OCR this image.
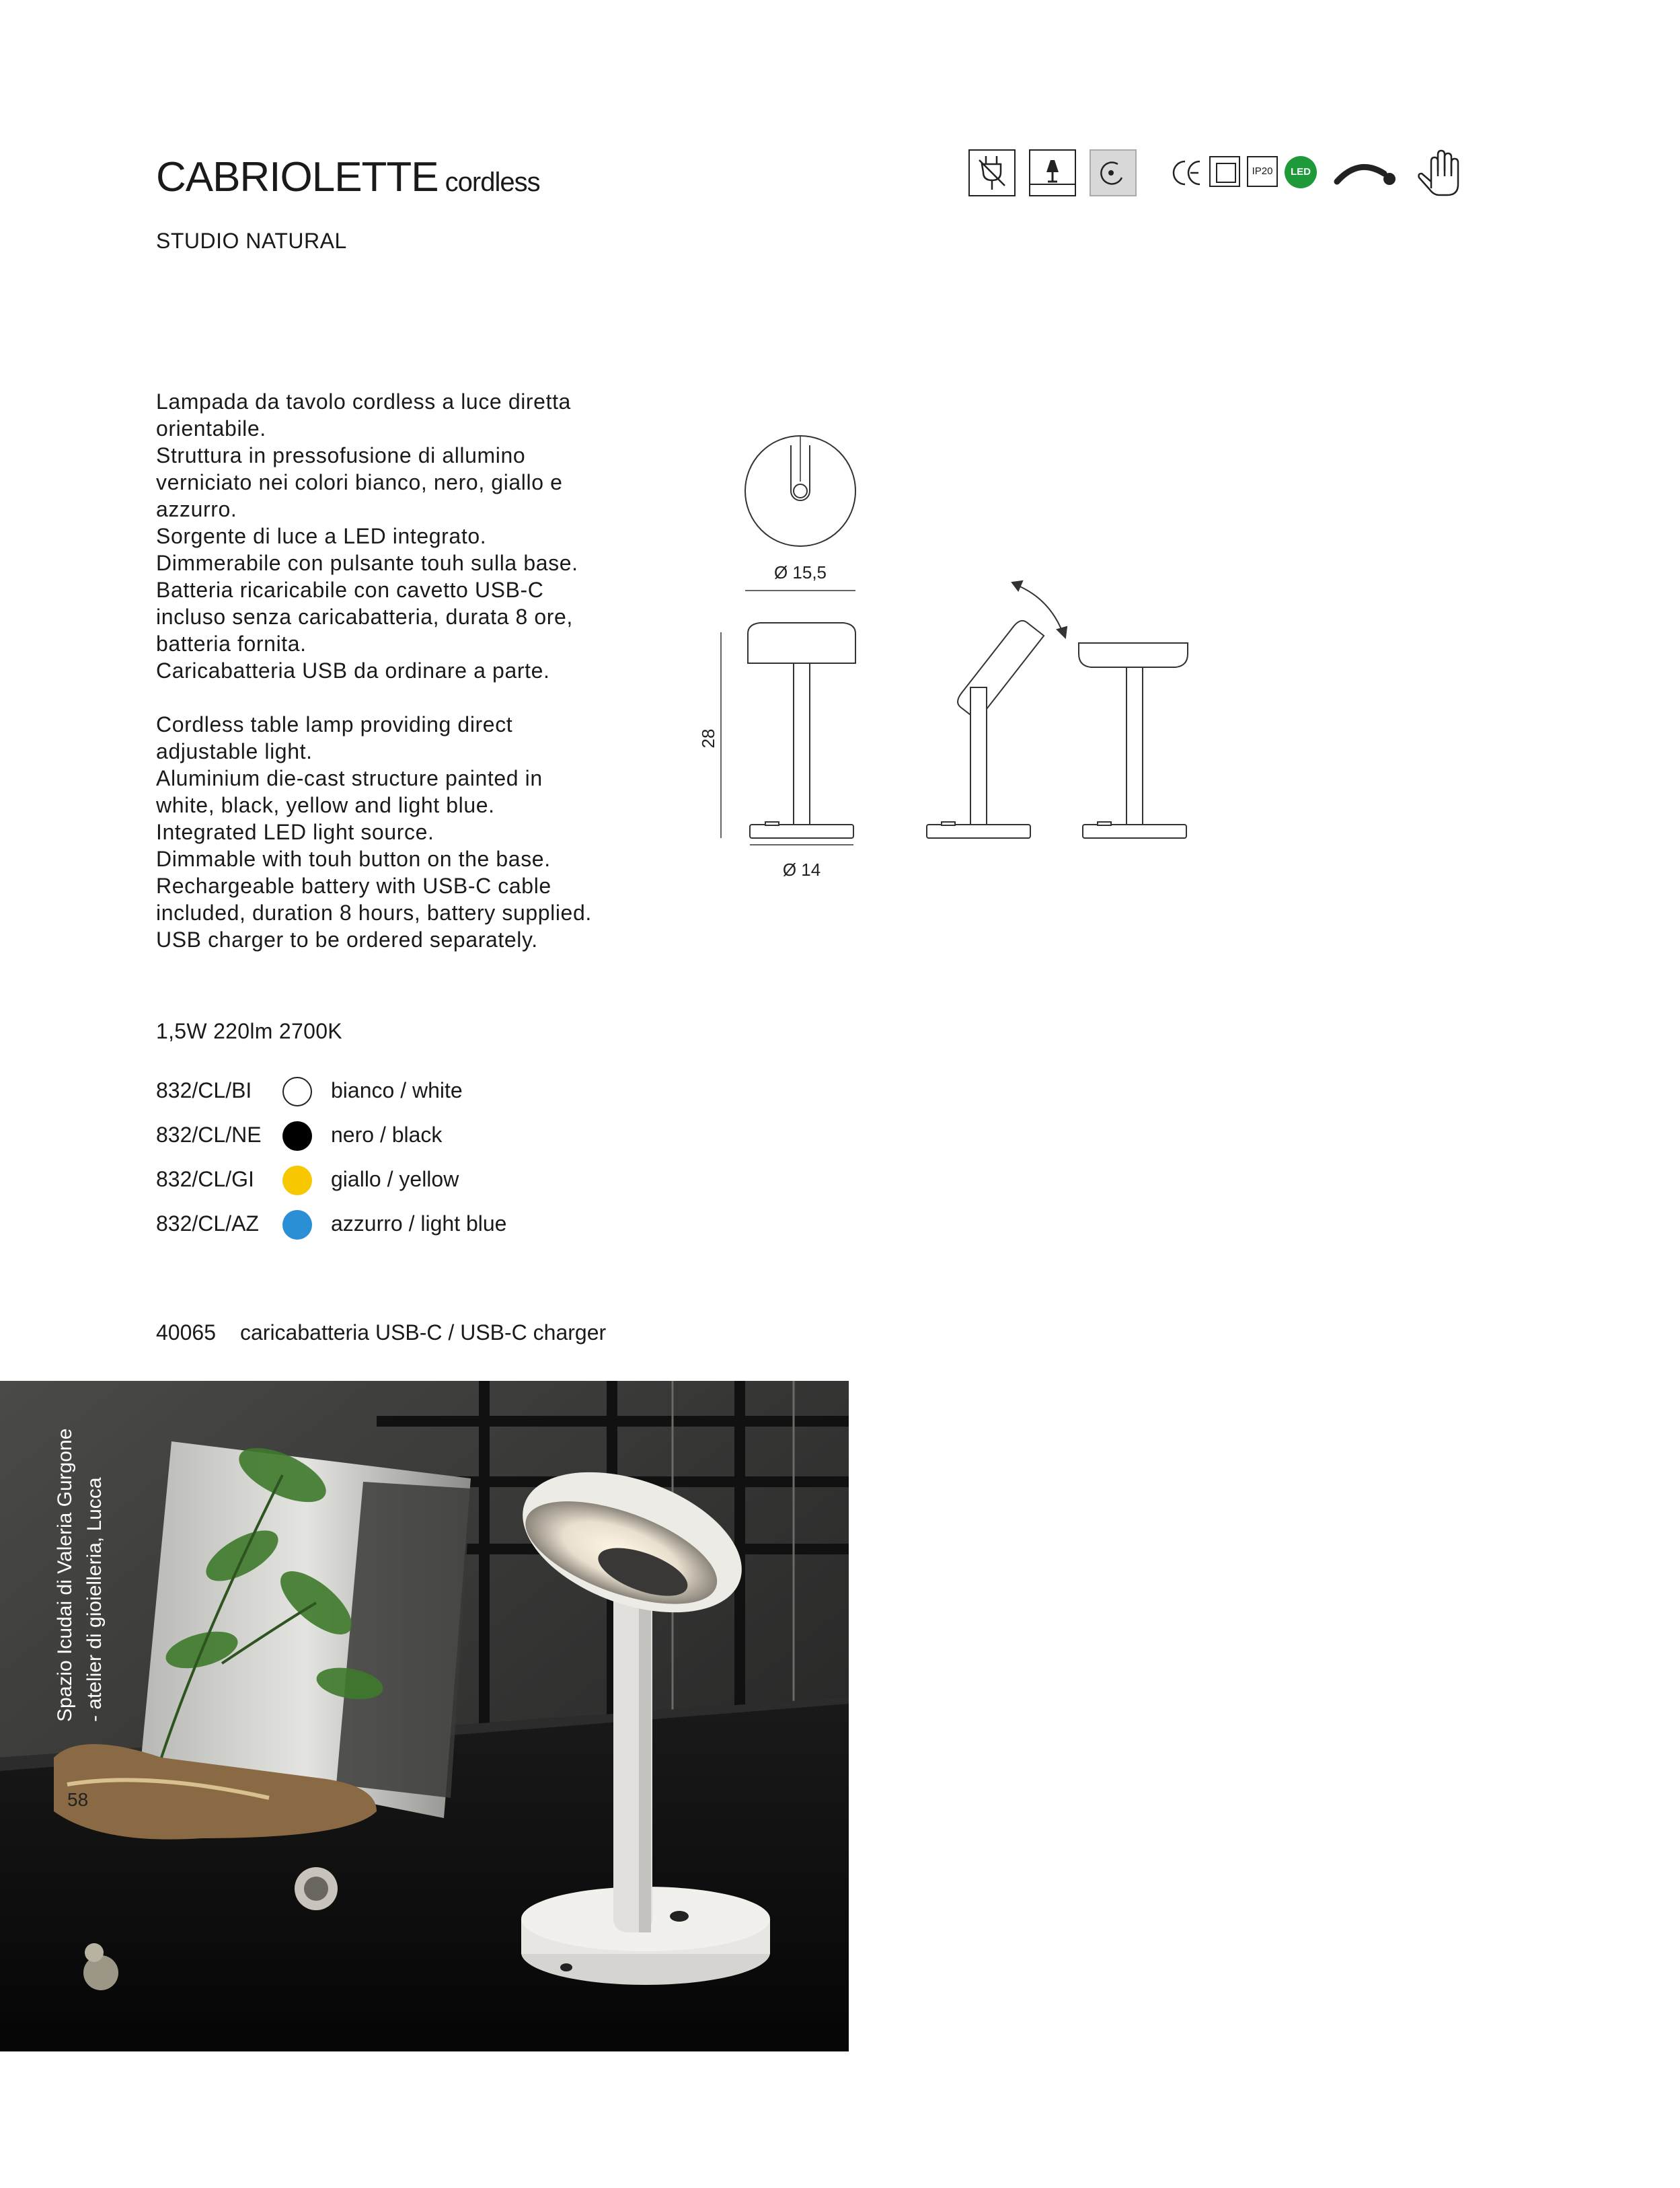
CABRIOLETTE cordless
STUDIO NATURAL
IP20	LED
Lampada da tavolo cordless a luce diretta
orientabile.
Struttura in pressofusione di allumino
verniciato nei colori bianco, nero, giallo e
azzurro.
Sorgente di luce a LED integrato.
Dimmerabile con pulsante touh sulla base.
Batteria ricaricabile con cavetto USB-C
incluso senza caricabatteria, durata 8 ore,
batteria fornita.
Caricabatteria USB da ordinare a parte.
Cordless table lamp providing direct
adjustable light.
Aluminium die-cast structure painted in
white, black, yellow and light blue.
Integrated LED light source.
Dimmable with touh button on the base.
Rechargeable battery with USB-C cable
included, duration 8 hours, battery supplied.
USB charger to be ordered separately.
Ø 15,5
28
Ø 14
1,5W 220lm 2700K
832/CL/BI	bianco / white
832/CL/NE	nero / black
832/CL/GI	giallo / yellow
832/CL/AZ	azzurro / light blue
40065 caricabatteria USB-C / USB-C charger
Spazio Icudai di Valeria Gurgone - atelier di gioielleria, Lucca
58
